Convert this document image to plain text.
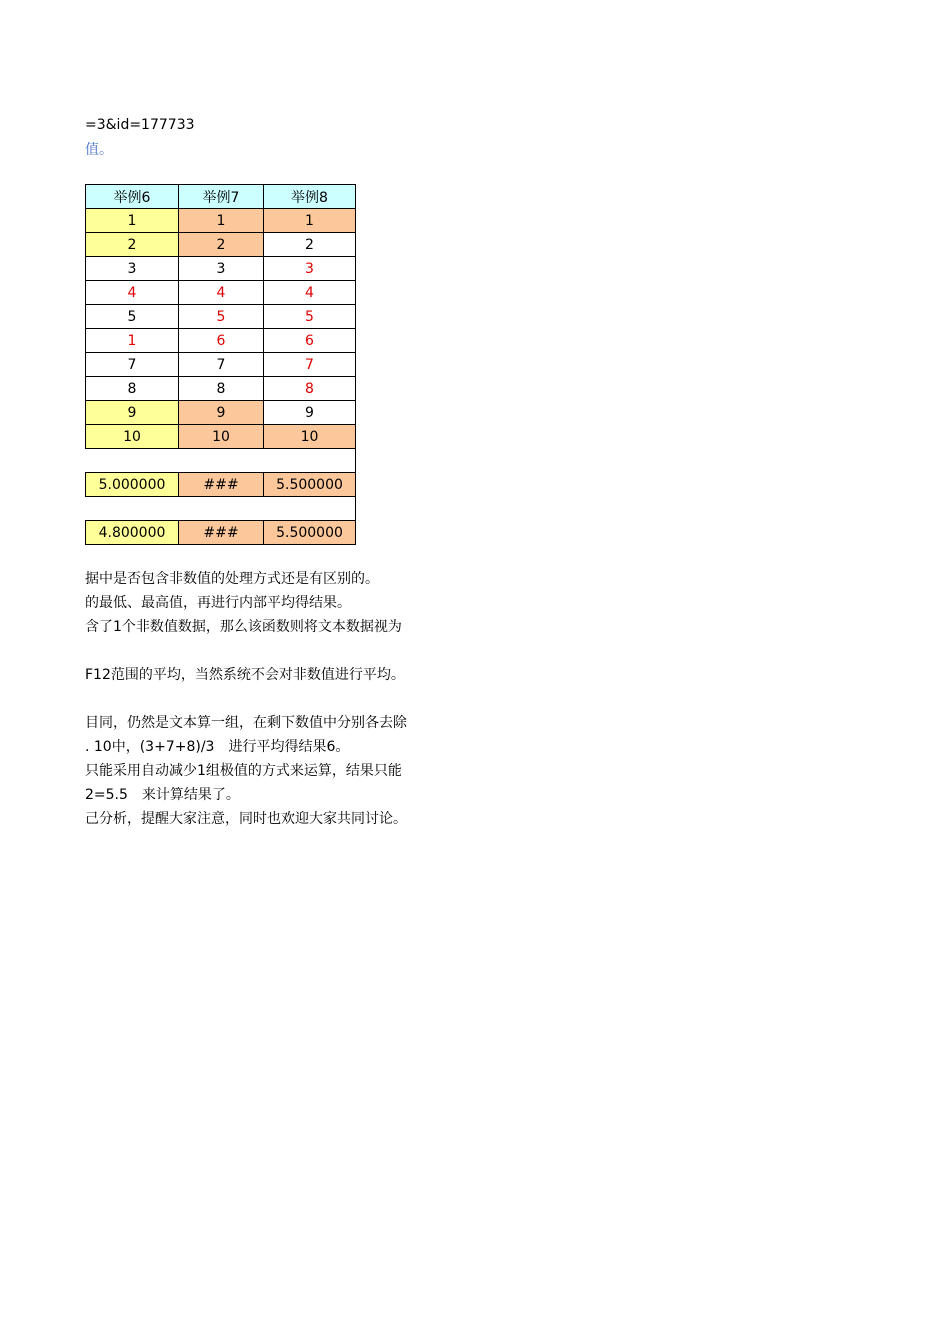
=3&id=177733
值。
举例6	举例7	举例8
1	1	1
2	2	2
3	3	3
4	4	4
5	5	5
1	6	6
7	7	7
8	8	8
9	9	9
10	10	10

5.000000	###	5.500000

4.800000	###	5.500000
据中是否包含非数值的处理方式还是有区别的。
的最低、最高值，再进行内部平均得结果。
含了1个非数值数据，那么该函数则将文本数据视为
F12范围的平均，当然系统不会对非数值进行平均。
目同，仍然是文本算一组，在剩下数值中分别各去除
. 10中，(3+7+8)/3　进行平均得结果6。
只能采用自动减少1组极值的方式来运算，结果只能
2=5.5　来计算结果了。
己分析，提醒大家注意，同时也欢迎大家共同讨论。
